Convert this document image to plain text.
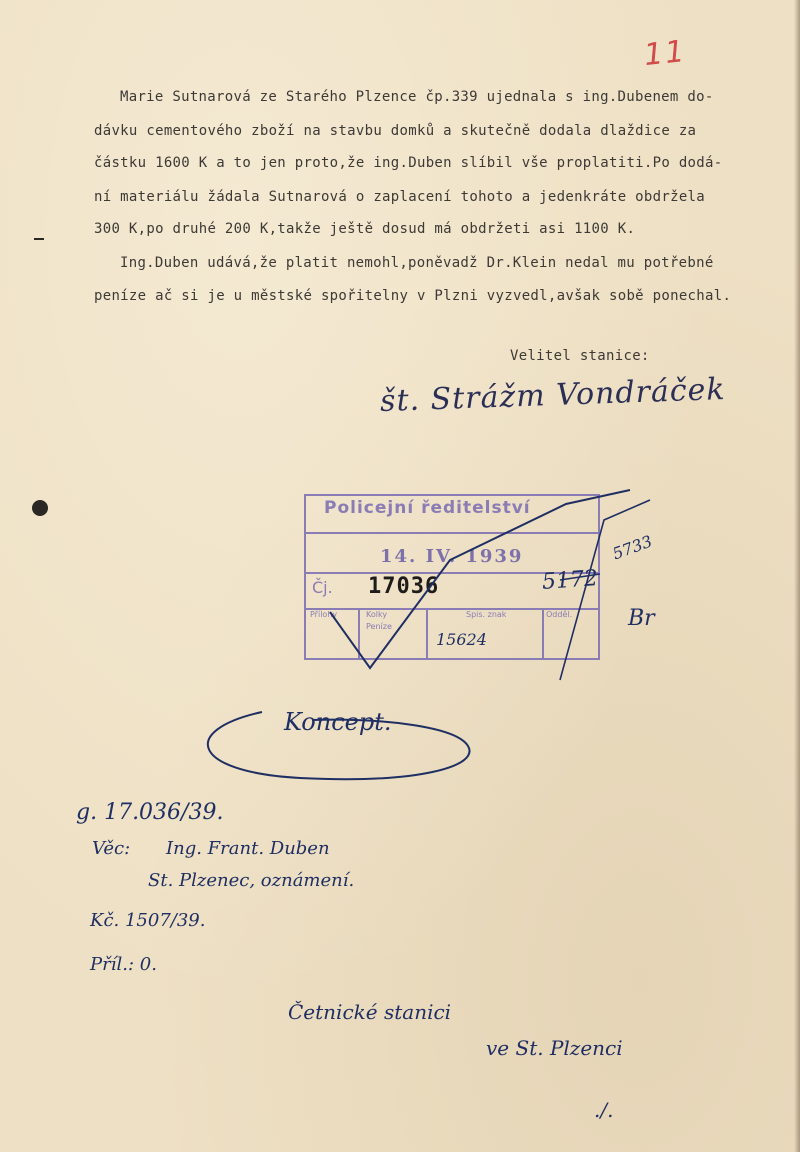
11

Marie Sutnarová ze Starého Plzence čp.339 ujednala s ing.Dubenem do-

dávku cementového zboží na stavbu domků a skutečně dodala dlaždice za

částku 1600 K a to jen proto,že ing.Duben slíbil vše proplatiti.Po dodá-

ní materiálu žádala Sutnarová o zaplacení tohoto a jedenkráte obdržela

300 K,po druhé 200 K,takže ještě dosud má obdržeti asi 1100 K.

Ing.Duben udává,že platit nemohl,poněvadž Dr.Klein nedal mu potřebné

peníze ač si je u městské spořitelny v Plzni vyzvedl,avšak sobě ponechal.

Velitel stanice:

št. Strážm Vondráček

Policejní ředitelství
14. IV. 1939
Čj. 17036
Přílohy	Kolky
Peníze
Spis. znak	Odděl.

5172

5733

15624

Br

Koncept.

g. 17.036/39.

Věc: Ing. Frant. Duben

St. Plzenec, oznámení.

Kč. 1507/39.

Příl.: 0.

Četnické stanici

ve St. Plzenci

./.
